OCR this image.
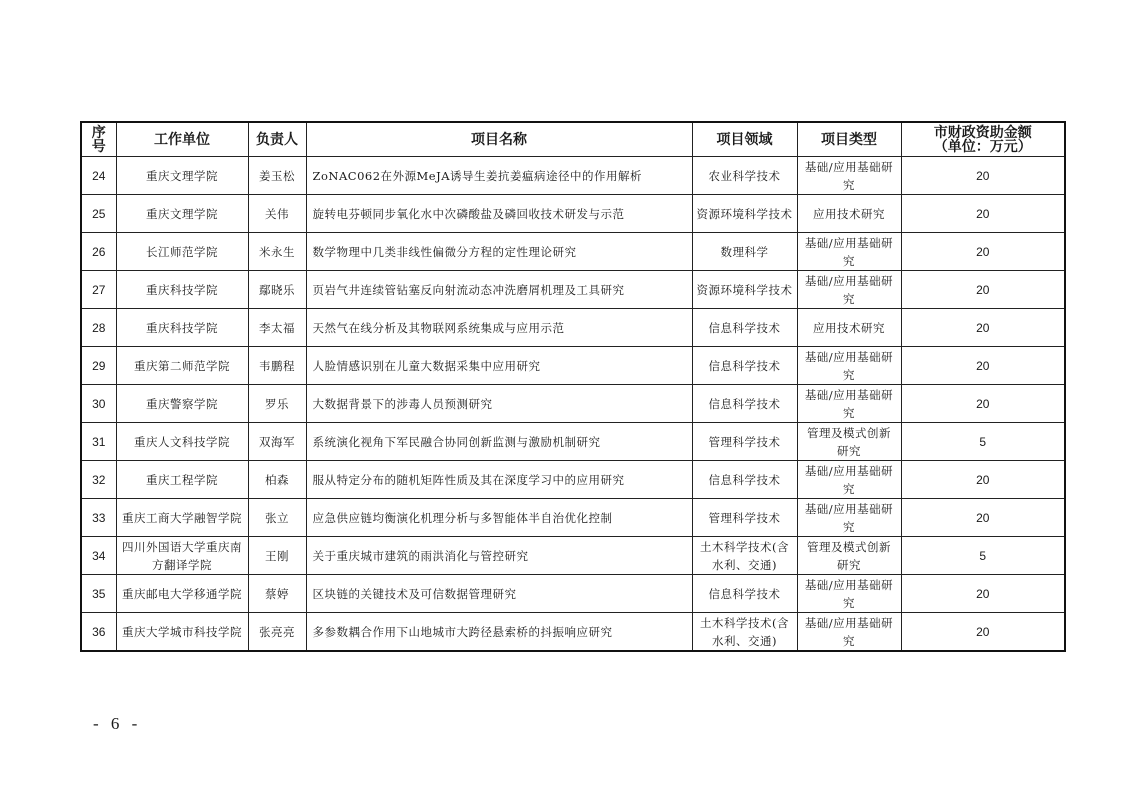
序号	工作单位	负责人	项目名称	项目领域	项目类型	市财政资助金额
（单位：万元）

24	重庆文理学院	姜玉松	ZoNAC062在外源MeJA诱导生姜抗姜瘟病途径中的作用解析	农业科学技术	基础/应用基础研究	20
25	重庆文理学院	关伟	旋转电芬顿同步氧化水中次磷酸盐及磷回收技术研发与示范	资源环境科学技术	应用技术研究	20
26	长江师范学院	米永生	数学物理中几类非线性偏微分方程的定性理论研究	数理科学	基础/应用基础研究	20
27	重庆科技学院	鄢晓乐	页岩气井连续管钻塞反向射流动态冲洗磨屑机理及工具研究	资源环境科学技术	基础/应用基础研究	20
28	重庆科技学院	李太福	天然气在线分析及其物联网系统集成与应用示范	信息科学技术	应用技术研究	20
29	重庆第二师范学院	韦鹏程	人脸情感识别在儿童大数据采集中应用研究	信息科学技术	基础/应用基础研究	20
30	重庆警察学院	罗乐	大数据背景下的涉毒人员预测研究	信息科学技术	基础/应用基础研究	20
31	重庆人文科技学院	双海军	系统演化视角下军民融合协同创新监测与激励机制研究	管理科学技术	管理及模式创新研究	5
32	重庆工程学院	柏森	服从特定分布的随机矩阵性质及其在深度学习中的应用研究	信息科学技术	基础/应用基础研究	20
33	重庆工商大学融智学院	张立	应急供应链均衡演化机理分析与多智能体半自治优化控制	管理科学技术	基础/应用基础研究	20
34	四川外国语大学重庆南方翻译学院	王刚	关于重庆城市建筑的雨洪消化与管控研究	土木科学技术(含水利、交通)	管理及模式创新研究	5
35	重庆邮电大学移通学院	蔡婷	区块链的关键技术及可信数据管理研究	信息科学技术	基础/应用基础研究	20
36	重庆大学城市科技学院	张亮亮	多参数耦合作用下山地城市大跨径悬索桥的抖振响应研究	土木科学技术(含水利、交通)	基础/应用基础研究	20
- 6 -
